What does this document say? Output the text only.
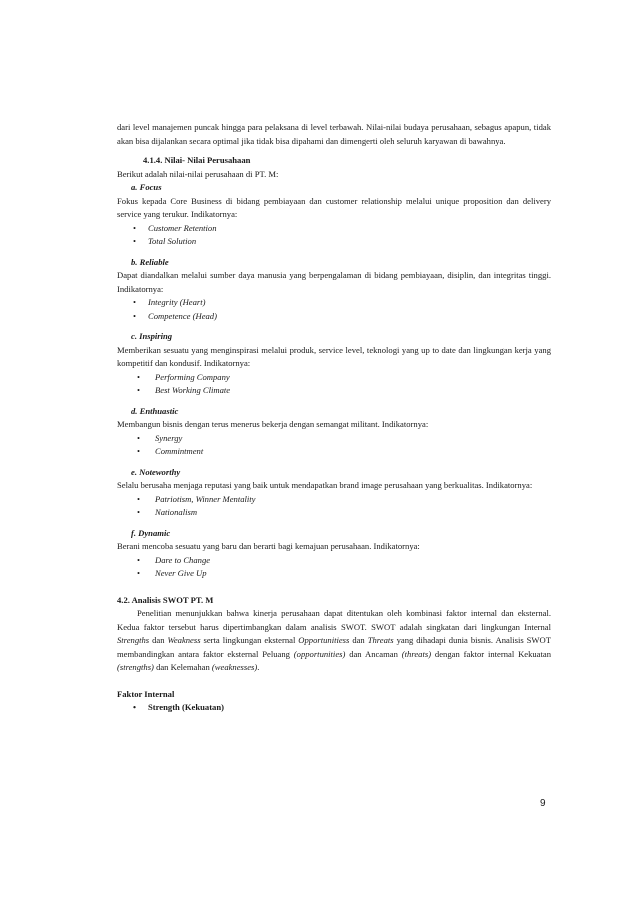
dari level manajemen puncak hingga para pelaksana di level terbawah. Nilai-nilai budaya perusahaan, sebagus apapun, tidak akan bisa dijalankan secara optimal jika tidak bisa dipahami dan dimengerti oleh seluruh karyawan di bawahnya.

4.1.4. Nilai- Nilai Perusahaan

Berikut adalah nilai-nilai perusahaan di PT. M:

a. Focus

Fokus kepada Core Business di bidang pembiayaan dan customer relationship melalui unique proposition dan delivery service yang terukur. Indikatornya:

• Customer Retention
• Total Solution

b. Reliable

Dapat diandalkan melalui sumber daya manusia yang berpengalaman di bidang pembiayaan, disiplin, dan integritas tinggi. Indikatornya:

• Integrity (Heart)
• Competence (Head)

c. Inspiring

Memberikan sesuatu yang menginspirasi melalui produk, service level, teknologi yang up to date dan lingkungan kerja yang kompetitif dan kondusif. Indikatornya:

• Performing Company
• Best Working Climate

d. Enthuastic

Membangun bisnis dengan terus menerus bekerja dengan semangat militant. Indikatornya:

• Synergy
• Commintment

e. Noteworthy

Selalu berusaha menjaga reputasi yang baik untuk mendapatkan brand image perusahaan yang berkualitas. Indikatornya:

• Patriotism, Winner Mentality
• Nationalism

f. Dynamic

Berani mencoba sesuatu yang baru dan berarti bagi kemajuan perusahaan. Indikatornya:

• Dare to Change
• Never Give Up

4.2. Analisis SWOT PT. M

Penelitian menunjukkan bahwa kinerja perusahaan dapat ditentukan oleh kombinasi faktor internal dan eksternal. Kedua faktor tersebut harus dipertimbangkan dalam analisis SWOT. SWOT adalah singkatan dari lingkungan Internal Strengths dan Weakness serta lingkungan eksternal Opportunitiess dan Threats yang dihadapi dunia bisnis. Analisis SWOT membandingkan antara faktor eksternal Peluang (opportunities) dan Ancaman (threats) dengan faktor internal Kekuatan (strengths) dan Kelemahan (weaknesses).

Faktor Internal

• Strength (Kekuatan)
9
